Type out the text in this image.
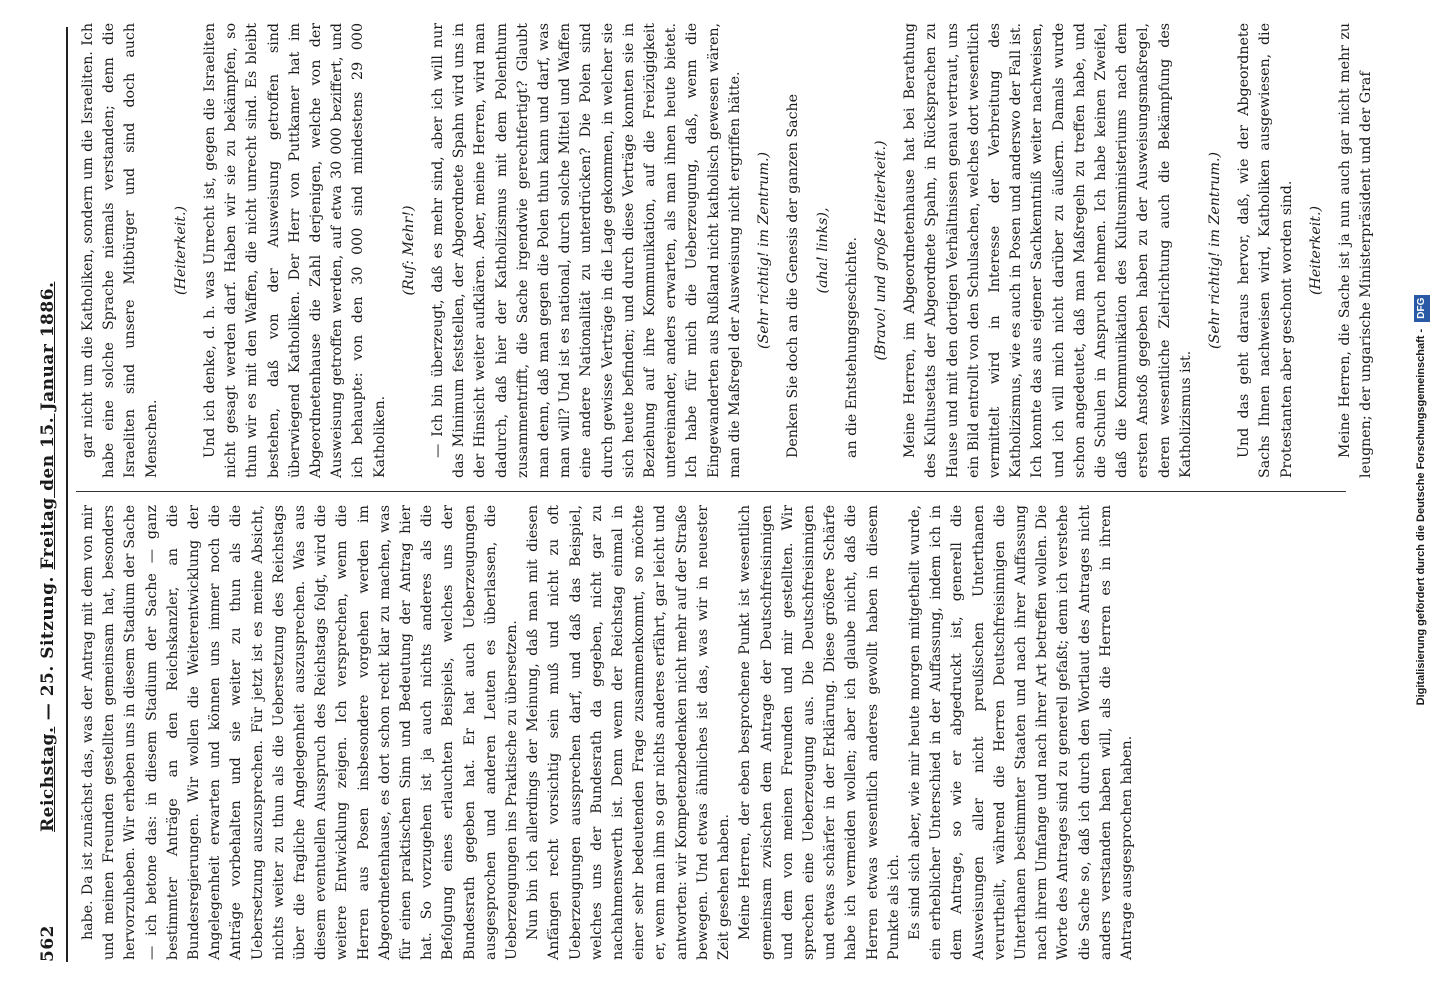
562
Reichstag. — 25. Sitzung. Freitag den 15. Januar 1886.

habe. Da ist zunächst das, was der Antrag mit dem von mir und meinen Freunden gestellten gemeinsam hat, besonders hervorzuheben. Wir erheben uns in diesem Stadium der Sache — ich betone das: in diesem Stadium der Sache — ganz bestimmter Anträge an den Reichskanzler, an die Bundesregierungen. Wir wollen die Weiterentwicklung der Angelegenheit erwarten und können uns immer noch die Anträge vorbehalten und sie weiter zu thun als die Uebersetzung auszusprechen. Für jetzt ist es meine Absicht, nichts weiter zu thun als die Uebersetzung des Reichstags über die fragliche Angelegenheit auszusprechen. Was aus diesem eventuellen Ausspruch des Reichstags folgt, wird die weitere Entwicklung zeigen. Ich versprechen, wenn die Herren aus Posen insbesondere vorgehen werden im Abgeordnetenhause, es dort schon recht klar zu machen, was für einen praktischen Sinn und Bedeutung der Antrag hier hat. So vorzugehen ist ja auch nichts anderes als die Befolgung eines erlauchten Beispiels, welches uns der Bundesrath gegeben hat. Er hat auch Ueberzeugungen ausgesprochen und anderen Leuten es überlassen, die Ueberzeugungen ins Praktische zu übersetzen. Nun bin ich allerdings der Meinung, daß man mit diesen Anfängen recht vorsichtig sein muß und nicht zu oft Ueberzeugungen aussprechen darf, und daß das Beispiel, welches uns der Bundesrath da gegeben, nicht gar zu nachahmenswerth ist. Denn wenn der Reichstag einmal in einer sehr bedeutenden Frage zusammenkommt, so möchte er, wenn man ihm so gar nichts anderes erfährt, gar leicht und antworten: wir Kompetenzbedenken nicht mehr auf der Straße bewegen. Und etwas ähnliches ist das, was wir in neuester Zeit gesehen haben. Meine Herren, der eben besprochene Punkt ist wesentlich gemeinsam zwischen dem Antrage der Deutschfreisinnigen und dem von meinen Freunden und mir gestellten. Wir sprechen eine Ueberzeugung aus. Die Deutschfreisinnigen und etwas schärfer in der Erklärung. Diese größere Schärfe habe ich vermeiden wollen; aber ich glaube nicht, daß die Herren etwas wesentlich anderes gewollt haben in diesem Punkte als ich. Es sind sich aber, wie mir heute morgen mitgetheilt wurde, ein erheblicher Unterschied in der Auffassung, indem ich in dem Antrage, so wie er abgedruckt ist, generell die Ausweisungen aller nicht preußischen Unterthanen verurtheilt, während die Herren Deutschfreisinnigen die Unterthanen bestimmter Staaten und nach ihrer Auffassung nach ihrem Umfange und nach ihrer Art betreffen wollen. Die Worte des Antrages sind zu generell gefaßt; denn ich verstehe die Sache so, daß ich durch den Wortlaut des Antrages nicht anders verstanden haben will, als die Herren es in ihrem Antrage ausgesprochen haben.

gar nicht um die Katholiken, sondern um die Israeliten. Ich habe eine solche Sprache niemals verstanden; denn die Israeliten sind unsere Mitbürger und sind doch auch Menschen.

(Heiterkeit.) Und ich denke, d. h. was Unrecht ist, gegen die Israeliten nicht gesagt werden darf. Haben wir sie zu bekämpfen, so thun wir es mit den Waffen, die nicht unrecht sind. Es bleibt bestehen, daß von der Ausweisung getroffen sind überwiegend Katholiken. Der Herr von Puttkamer hat im Abgeordnetenhause die Zahl derjenigen, welche von der Ausweisung getroffen werden, auf etwa 30 000 beziffert, und ich behaupte: von den 30 000 sind mindestens 29 000 Katholiken.

(Ruf: Mehr!) — Ich bin überzeugt, daß es mehr sind, aber ich will nur das Minimum feststellen, der Abgeordnete Spahn wird uns in der Hinsicht weiter aufklären. Aber, meine Herren, wird man dadurch, daß hier der Katholizismus mit dem Polenthum zusammentrifft, die Sache irgendwie gerechtfertigt? Glaubt man denn, daß man gegen die Polen thun kann und darf, was man will? Und ist es national, durch solche Mittel und Waffen eine andere Nationalität zu unterdrücken? Die Polen sind durch gewisse Verträge in die Lage gekommen, in welcher sie sich heute befinden; und durch diese Verträge konnten sie in Beziehung auf ihre Kommunikation, auf die Freizügigkeit untereinander, anders erwarten, als man ihnen heute bietet. Ich habe für mich die Ueberzeugung, daß, wenn die Eingewanderten aus Rußland nicht katholisch gewesen wären, man die Maßregel der Ausweisung nicht ergriffen hätte. (Sehr richtig! im Zentrum.) Denken Sie doch an die Genesis der ganzen Sache (aha! links), an die Entstehungsgeschichte. (Bravo! und große Heiterkeit.) Meine Herren, im Abgeordnetenhause hat bei Berathung des Kultusetats der Abgeordnete Spahn, in Rücksprachen zu Hause und mit den dortigen Verhältnissen genau vertraut, uns ein Bild entrollt von den Schulsachen, welches dort wesentlich vermittelt wird in Interesse der Verbreitung des Katholizismus, wie es auch in Posen und anderswo der Fall ist. Ich konnte das aus eigener Sachkenntniß weiter nachweisen, und ich will mich nicht darüber zu äußern. Damals wurde schon angedeutet, daß man Maßregeln zu treffen habe, und die Schulen in Anspruch nehmen. Ich habe keinen Zweifel, daß die Kommunikation des Kultusministeriums nach dem ersten Anstoß gegeben haben zu der Ausweisungsmaßregel, deren wesentliche Zielrichtung auch die Bekämpfung des Katholizismus ist.

(Sehr richtig! im Zentrum.) Und das geht daraus hervor, daß, wie der Abgeordnete Sachs Ihnen nachweisen wird, Katholiken ausgewiesen, die Protestanten aber geschont worden sind. (Heiterkeit.) Meine Herren, die Sache ist ja nun auch gar nicht mehr zu leugnen; der ungarische Ministerpräsident und der Graf

Digitalisierung gefördert durch die Deutsche Forschungsgemeinschaft - DFG
